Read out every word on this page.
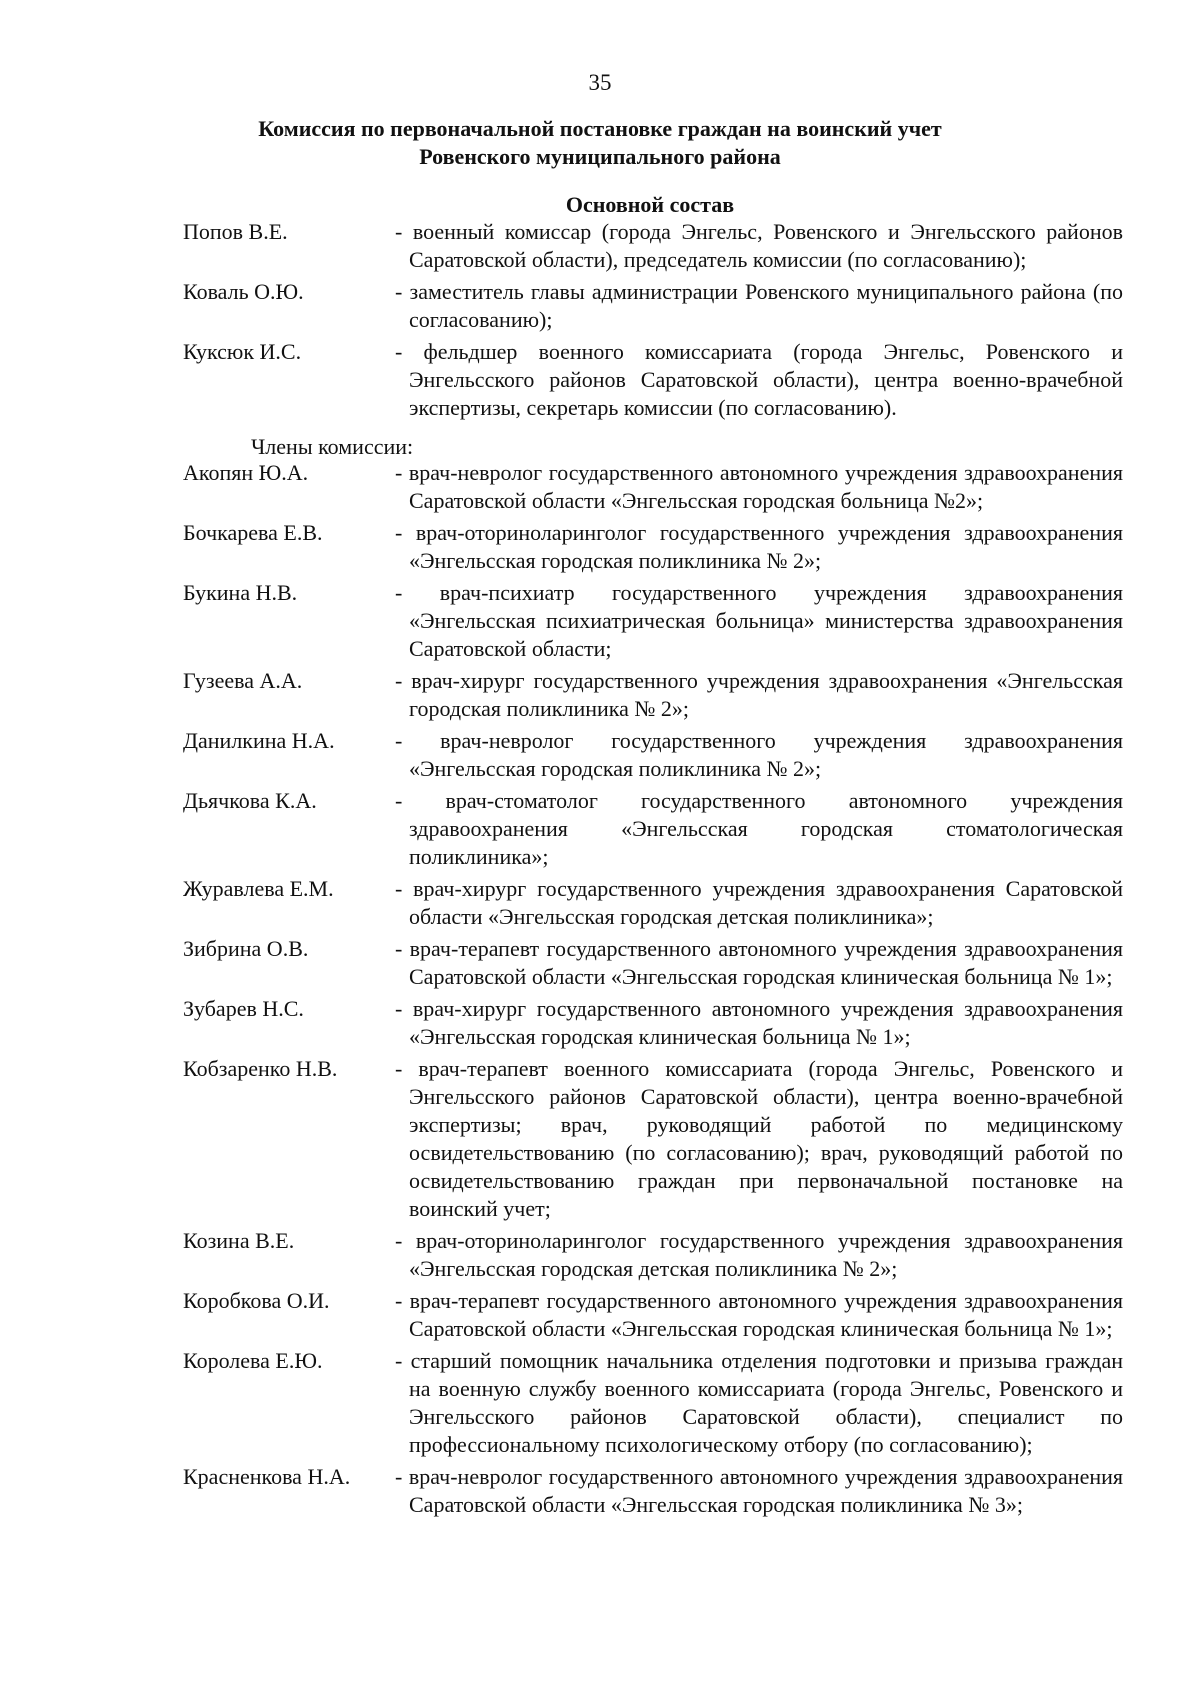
35
Комиссия по первоначальной постановке граждан на воинский учет
Ровенского муниципального района
Основной состав
Попов В.Е.	- военный комиссар (города Энгельс, Ровенского и Энгельсского районов Саратовской области), председатель комиссии (по согласованию);
Коваль О.Ю.	- заместитель главы администрации Ровенского муниципального района (по согласованию);
Куксюк И.С.	- фельдшер военного комиссариата (города Энгельс, Ровенского и Энгельсского районов Саратовской области), центра военно-врачебной экспертизы, секретарь комиссии (по согласованию).
Члены комиссии:
Акопян Ю.А.	- врач-невролог государственного автономного учреждения здравоохранения Саратовской области «Энгельсская городская больница №2»;
Бочкарева Е.В.	- врач-оториноларинголог государственного учреждения здравоохранения «Энгельсская городская поликлиника № 2»;
Букина Н.В.	- врач-психиатр государственного учреждения здравоохранения «Энгельсская психиатрическая больница» министерства здравоохранения Саратовской области;
Гузеева А.А.	- врач-хирург государственного учреждения здравоохранения «Энгельсская городская поликлиника № 2»;
Данилкина Н.А.	- врач-невролог государственного учреждения здравоохранения «Энгельсская городская поликлиника № 2»;
Дьячкова К.А.	- врач-стоматолог государственного автономного учреждения здравоохранения «Энгельсская городская стоматологическая поликлиника»;
Журавлева Е.М.	- врач-хирург государственного учреждения здравоохранения Саратовской области «Энгельсская городская детская поликлиника»;
Зибрина О.В.	- врач-терапевт государственного автономного учреждения здравоохранения Саратовской области «Энгельсская городская клиническая больница № 1»;
Зубарев Н.С.	- врач-хирург государственного автономного учреждения здравоохранения «Энгельсская городская клиническая больница № 1»;
Кобзаренко Н.В.	- врач-терапевт военного комиссариата (города Энгельс, Ровенского и Энгельсского районов Саратовской области), центра военно-врачебной экспертизы; врач, руководящий работой по медицинскому освидетельствованию (по согласованию); врач, руководящий работой по освидетельствованию граждан при первоначальной постановке на воинский учет;
Козина В.Е.	- врач-оториноларинголог государственного учреждения здравоохранения «Энгельсская городская детская поликлиника № 2»;
Коробкова О.И.	- врач-терапевт государственного автономного учреждения здравоохранения Саратовской области «Энгельсская городская клиническая больница № 1»;
Королева Е.Ю.	- старший помощник начальника отделения подготовки и призыва граждан на военную службу военного комиссариата (города Энгельс, Ровенского и Энгельсского районов Саратовской области), специалист по профессиональному психологическому отбору (по согласованию);
Красненкова Н.А. - врач-невролог государственного автономного учреждения здравоохранения Саратовской области «Энгельсская городская поликлиника № 3»;
